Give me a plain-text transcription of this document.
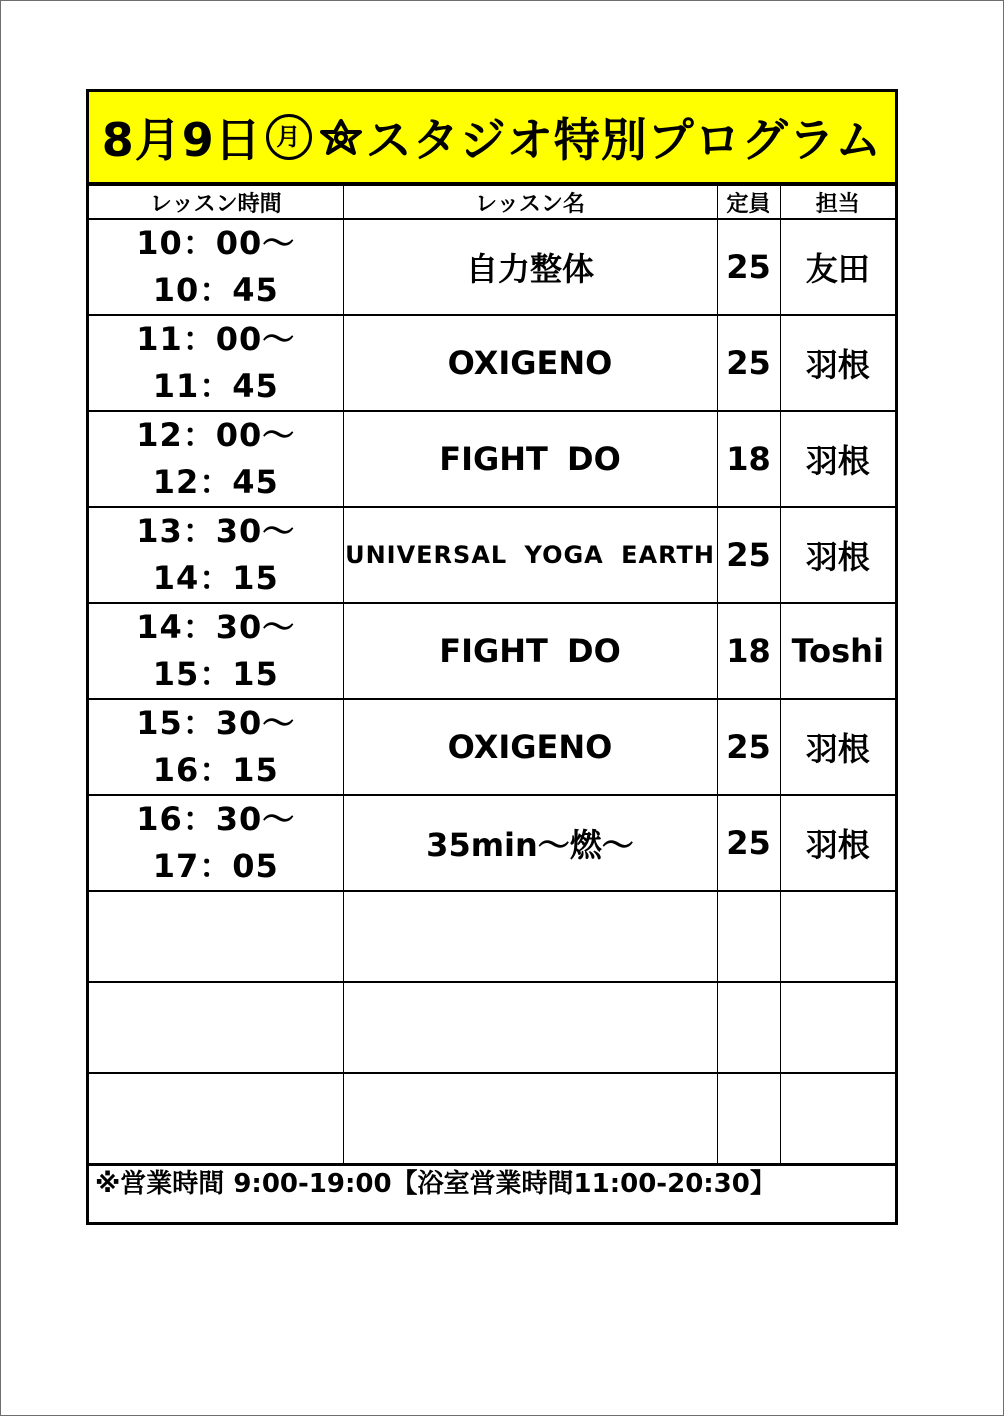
8月9日 月 スタジオ特別プログラム
レッスン時間	レッスン名	定員	担当

10：00～
10：45	自力整体	25	友田

11：00～
11：45	OXIGENO	25	羽根

12：00～
12：45	FIGHT DO	18	羽根

13：30～
14：15	UNIVERSAL YOGA EARTH	25	羽根

14：30～
15：15	FIGHT DO	18	Toshi

15：30～
16：15	OXIGENO	25	羽根

16：30～
17：05	35min～燃～	25	羽根

※営業時間 9:00-19:00【浴室営業時間11:00-20:30】
